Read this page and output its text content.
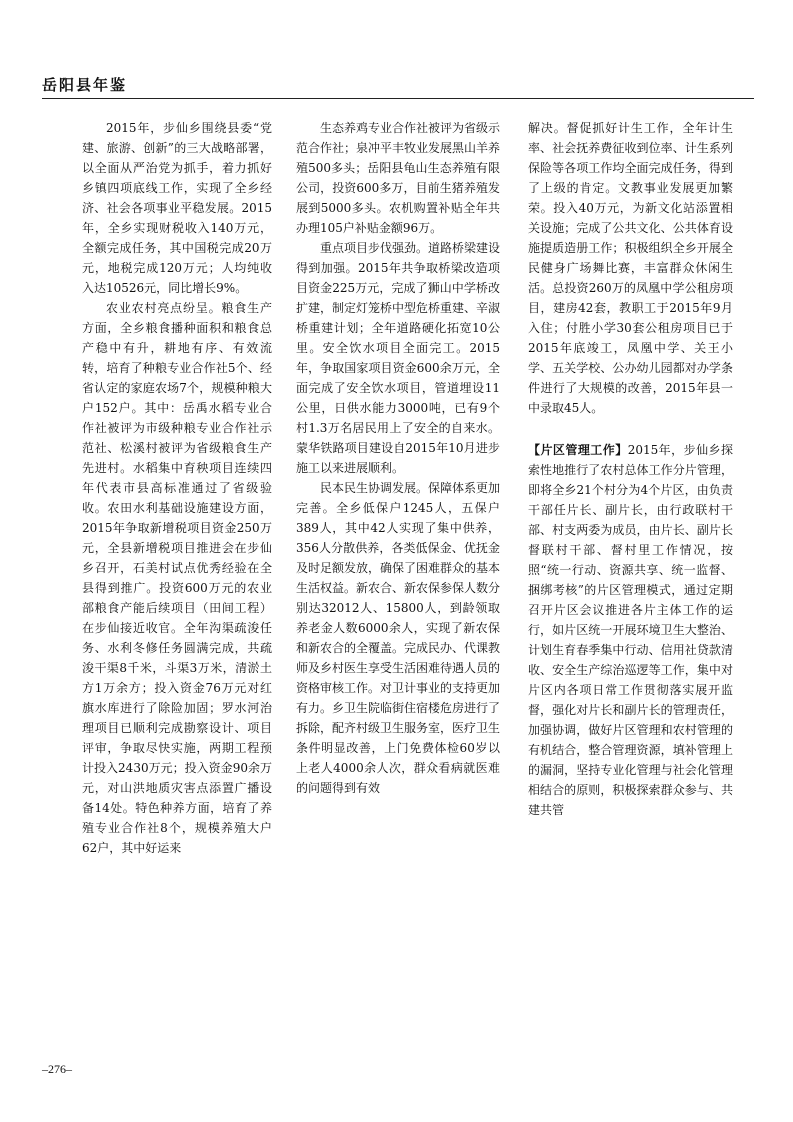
岳阳县年鉴

2015年，步仙乡围绕县委“党建、旅游、创新”的三大战略部署，以全面从严治党为抓手，着力抓好乡镇四项底线工作，实现了全乡经济、社会各项事业平稳发展。2015年，全乡实现财税收入140万元，全额完成任务，其中国税完成20万元，地税完成120万元；人均纯收入达10526元，同比增长9%。

农业农村亮点纷呈。粮食生产方面，全乡粮食播种面积和粮食总产稳中有升，耕地有序、有效流转，培育了种粮专业合作社5个、经省认定的家庭农场7个，规模种粮大户152户。其中：岳禹水稻专业合作社被评为市级种粮专业合作社示范社、松溪村被评为省级粮食生产先进村。水稻集中育秧项目连续四年代表市县高标准通过了省级验收。农田水利基础设施建设方面，2015年争取新增税项目资金250万元，全县新增税项目推进会在步仙乡召开，石美村试点优秀经验在全县得到推广。投资600万元的农业部粮食产能后续项目（田间工程）在步仙接近收官。全年沟渠疏浚任务、水利冬修任务圆满完成，共疏浚干渠8千米，斗渠3万米，清淤土方1万余方；投入资金76万元对红旗水库进行了除险加固；罗水河治理项目已顺利完成勘察设计、项目评审，争取尽快实施，两期工程预计投入2430万元；投入资金90余万元，对山洪地质灾害点添置广播设备14处。特色种养方面，培育了养殖专业合作社8个，规模养殖大户62户，其中好运来

生态养鸡专业合作社被评为省级示范合作社；泉冲平丰牧业发展黑山羊养殖500多头；岳阳县龟山生态养殖有限公司，投资600多万，目前生猪养殖发展到5000多头。农机购置补贴全年共办理105户补贴金额96万。

重点项目步伐强劲。道路桥梁建设得到加强。2015年共争取桥梁改造项目资金225万元，完成了狮山中学桥改扩建，制定灯笼桥中型危桥重建、辛淑桥重建计划；全年道路硬化拓宽10公里。安全饮水项目全面完工。2015年，争取国家项目资金600余万元，全面完成了安全饮水项目，管道埋设11公里，日供水能力3000吨，已有9个村1.3万名居民用上了安全的自来水。蒙华铁路项目建设自2015年10月进步施工以来进展顺利。

民本民生协调发展。保障体系更加完善。全乡低保户1245人，五保户389人，其中42人实现了集中供养，356人分散供养，各类低保金、优抚金及时足额发放，确保了困难群众的基本生活权益。新农合、新农保参保人数分别达32012人、15800人，到龄领取养老金人数6000余人，实现了新农保和新农合的全覆盖。完成民办、代课教师及乡村医生享受生活困难待遇人员的资格审核工作。对卫计事业的支持更加有力。乡卫生院临街住宿楼危房进行了拆除，配齐村级卫生服务室，医疗卫生条件明显改善，上门免费体检60岁以上老人4000余人次，群众看病就医难的问题得到有效

解决。督促抓好计生工作，全年计生率、社会抚养费征收到位率、计生系列保险等各项工作均全面完成任务，得到了上级的肯定。文教事业发展更加繁荣。投入40万元，为新文化站添置相关设施；完成了公共文化、公共体育设施提质造册工作；积极组织全乡开展全民健身广场舞比赛，丰富群众休闲生活。总投资260万的凤凰中学公租房项目，建房42套，教职工于2015年9月入住；付胜小学30套公租房项目已于2015年底竣工，凤凰中学、关王小学、五关学校、公办幼儿园都对办学条件进行了大规模的改善，2015年县一中录取45人。

【片区管理工作】2015年，步仙乡探索性地推行了农村总体工作分片管理，即将全乡21个村分为4个片区，由负责干部任片长、副片长，由行政联村干部、村支两委为成员，由片长、副片长督联村干部、督村里工作情况，按照“统一行动、资源共享、统一监督、捆绑考核”的片区管理模式，通过定期召开片区会议推进各片主体工作的运行，如片区统一开展环境卫生大整治、计划生育春季集中行动、信用社贷款清收、安全生产综治巡逻等工作，集中对片区内各项日常工作贯彻落实展开监督，强化对片长和副片长的管理责任，加强协调，做好片区管理和农村管理的有机结合，整合管理资源，填补管理上的漏洞，坚持专业化管理与社会化管理相结合的原则，积极探索群众参与、共建共管

–276–
